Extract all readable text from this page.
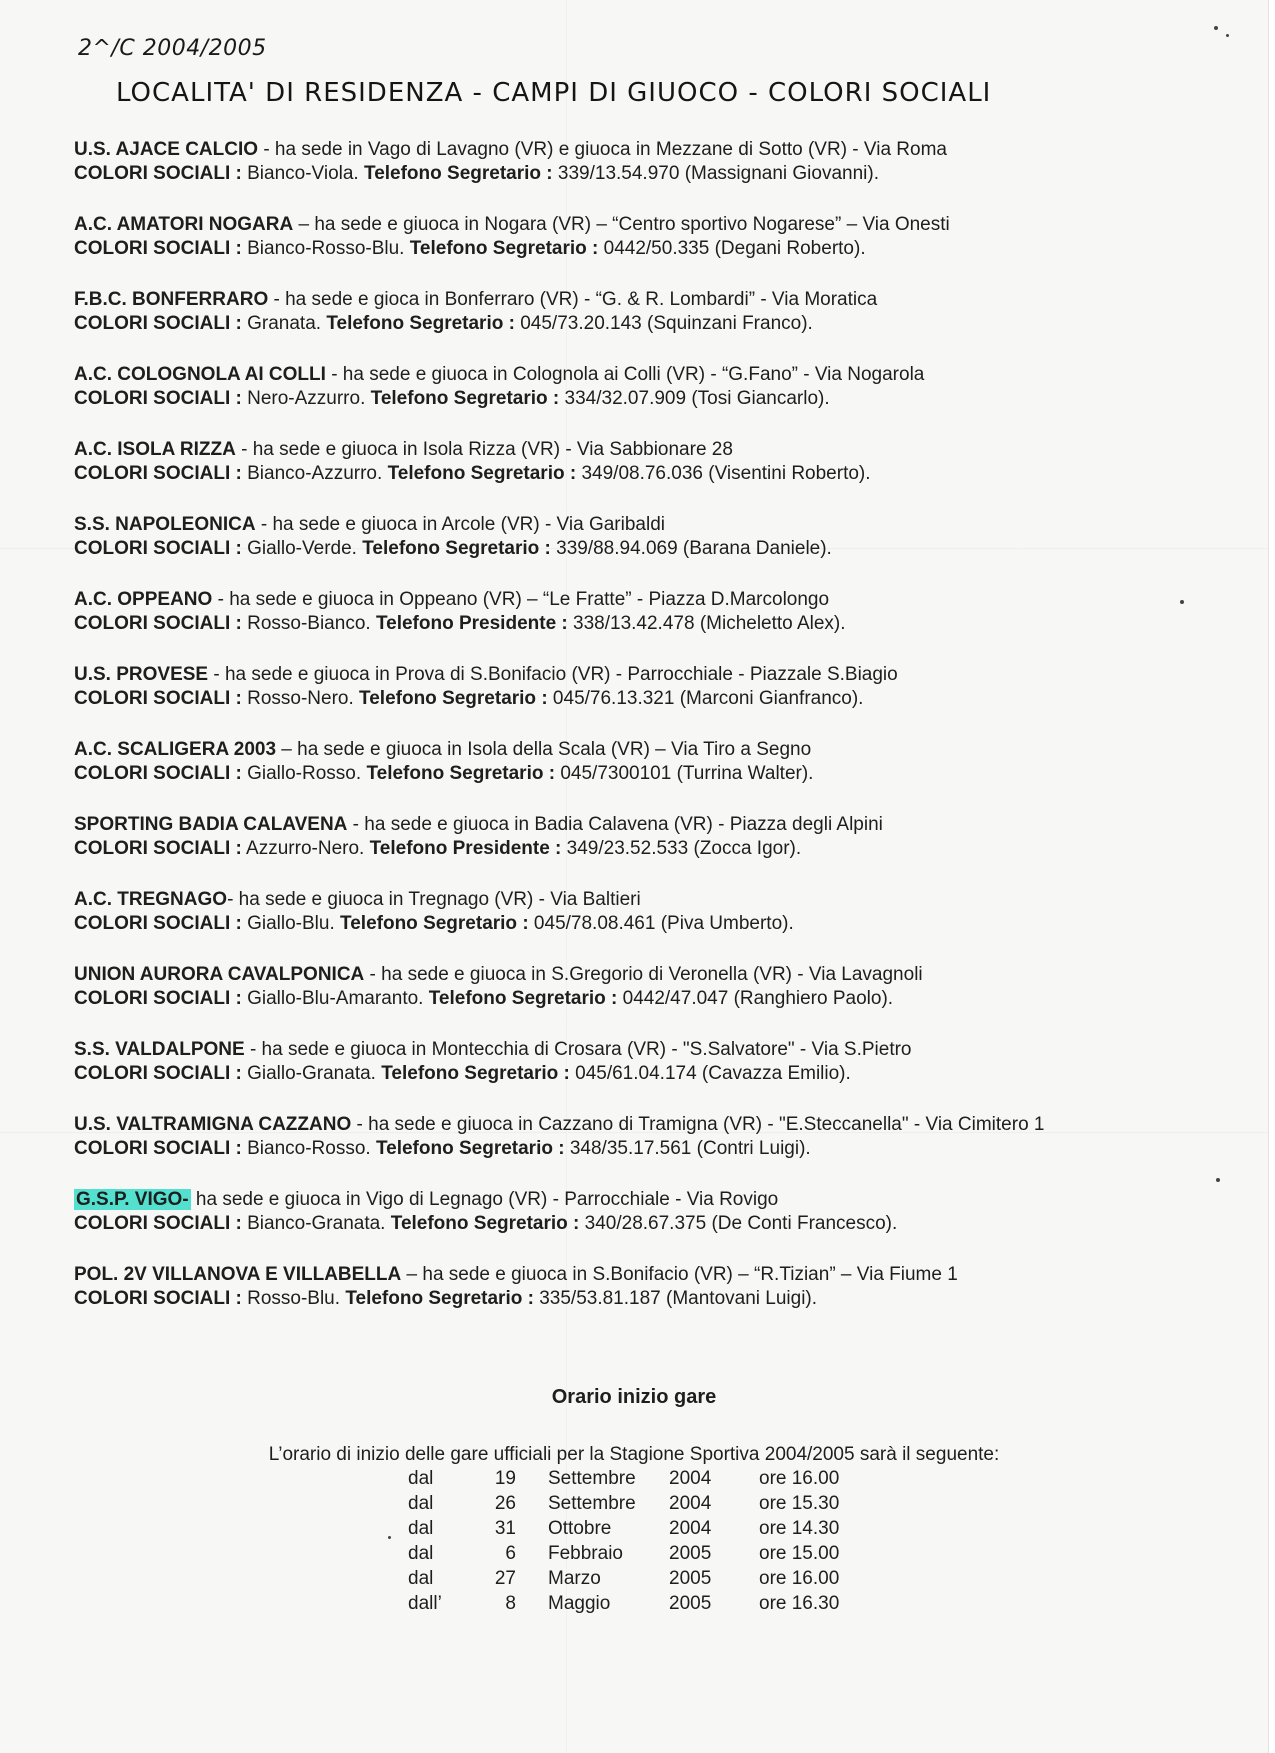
2^/C 2004/2005
LOCALITA' DI RESIDENZA - CAMPI DI GIUOCO - COLORI SOCIALI
U.S. AJACE CALCIO - ha sede in Vago di Lavagno (VR) e giuoca in Mezzane di Sotto (VR) - Via Roma
COLORI SOCIALI : Bianco-Viola. Telefono Segretario : 339/13.54.970 (Massignani Giovanni).
A.C. AMATORI NOGARA – ha sede e giuoca in Nogara (VR) – “Centro sportivo Nogarese” – Via Onesti
COLORI SOCIALI : Bianco-Rosso-Blu. Telefono Segretario : 0442/50.335 (Degani Roberto).
F.B.C. BONFERRARO - ha sede e gioca in Bonferraro (VR) - “G. & R. Lombardi” - Via Moratica
COLORI SOCIALI : Granata. Telefono Segretario : 045/73.20.143 (Squinzani Franco).
A.C. COLOGNOLA AI COLLI - ha sede e giuoca in Colognola ai Colli (VR) - “G.Fano” - Via Nogarola
COLORI SOCIALI : Nero-Azzurro. Telefono Segretario : 334/32.07.909 (Tosi Giancarlo).
A.C. ISOLA RIZZA - ha sede e giuoca in Isola Rizza (VR) - Via Sabbionare 28
COLORI SOCIALI : Bianco-Azzurro. Telefono Segretario : 349/08.76.036 (Visentini Roberto).
S.S. NAPOLEONICA - ha sede e giuoca in Arcole (VR) - Via Garibaldi
COLORI SOCIALI : Giallo-Verde. Telefono Segretario : 339/88.94.069 (Barana Daniele).
A.C. OPPEANO - ha sede e giuoca in Oppeano (VR) – “Le Fratte” - Piazza D.Marcolongo
COLORI SOCIALI : Rosso-Bianco. Telefono Presidente : 338/13.42.478 (Micheletto Alex).
U.S. PROVESE - ha sede e giuoca in Prova di S.Bonifacio (VR) - Parrocchiale - Piazzale S.Biagio
COLORI SOCIALI : Rosso-Nero. Telefono Segretario : 045/76.13.321 (Marconi Gianfranco).
A.C. SCALIGERA 2003 – ha sede e giuoca in Isola della Scala (VR) – Via Tiro a Segno
COLORI SOCIALI : Giallo-Rosso. Telefono Segretario : 045/7300101 (Turrina Walter).
SPORTING BADIA CALAVENA - ha sede e giuoca in Badia Calavena (VR) - Piazza degli Alpini
COLORI SOCIALI : Azzurro-Nero. Telefono Presidente : 349/23.52.533 (Zocca Igor).
A.C. TREGNAGO- ha sede e giuoca in Tregnago (VR) - Via Baltieri
COLORI SOCIALI : Giallo-Blu. Telefono Segretario : 045/78.08.461 (Piva Umberto).
UNION AURORA CAVALPONICA - ha sede e giuoca in S.Gregorio di Veronella (VR) - Via Lavagnoli
COLORI SOCIALI : Giallo-Blu-Amaranto. Telefono Segretario : 0442/47.047 (Ranghiero Paolo).
S.S. VALDALPONE - ha sede e giuoca in Montecchia di Crosara (VR) - "S.Salvatore" - Via S.Pietro
COLORI SOCIALI : Giallo-Granata. Telefono Segretario : 045/61.04.174 (Cavazza Emilio).
U.S. VALTRAMIGNA CAZZANO - ha sede e giuoca in Cazzano di Tramigna (VR) - "E.Steccanella" - Via Cimitero 1
COLORI SOCIALI : Bianco-Rosso. Telefono Segretario : 348/35.17.561 (Contri Luigi).
G.S.P. VIGO- ha sede e giuoca in Vigo di Legnago (VR) - Parrocchiale - Via Rovigo
COLORI SOCIALI : Bianco-Granata. Telefono Segretario : 340/28.67.375 (De Conti Francesco).
POL. 2V VILLANOVA E VILLABELLA – ha sede e giuoca in S.Bonifacio (VR) – “R.Tizian” – Via Fiume 1
COLORI SOCIALI : Rosso-Blu. Telefono Segretario : 335/53.81.187 (Mantovani Luigi).
Orario inizio gare
L’orario di inizio delle gare ufficiali per la Stagione Sportiva 2004/2005 sarà il seguente:
dal	19	Settembre	2004	ore 16.00
dal	26	Settembre	2004	ore 15.30
dal	31	Ottobre	2004	ore 14.30
dal	6	Febbraio	2005	ore 15.00
dal	27	Marzo	2005	ore 16.00
dall’	8	Maggio	2005	ore 16.30
